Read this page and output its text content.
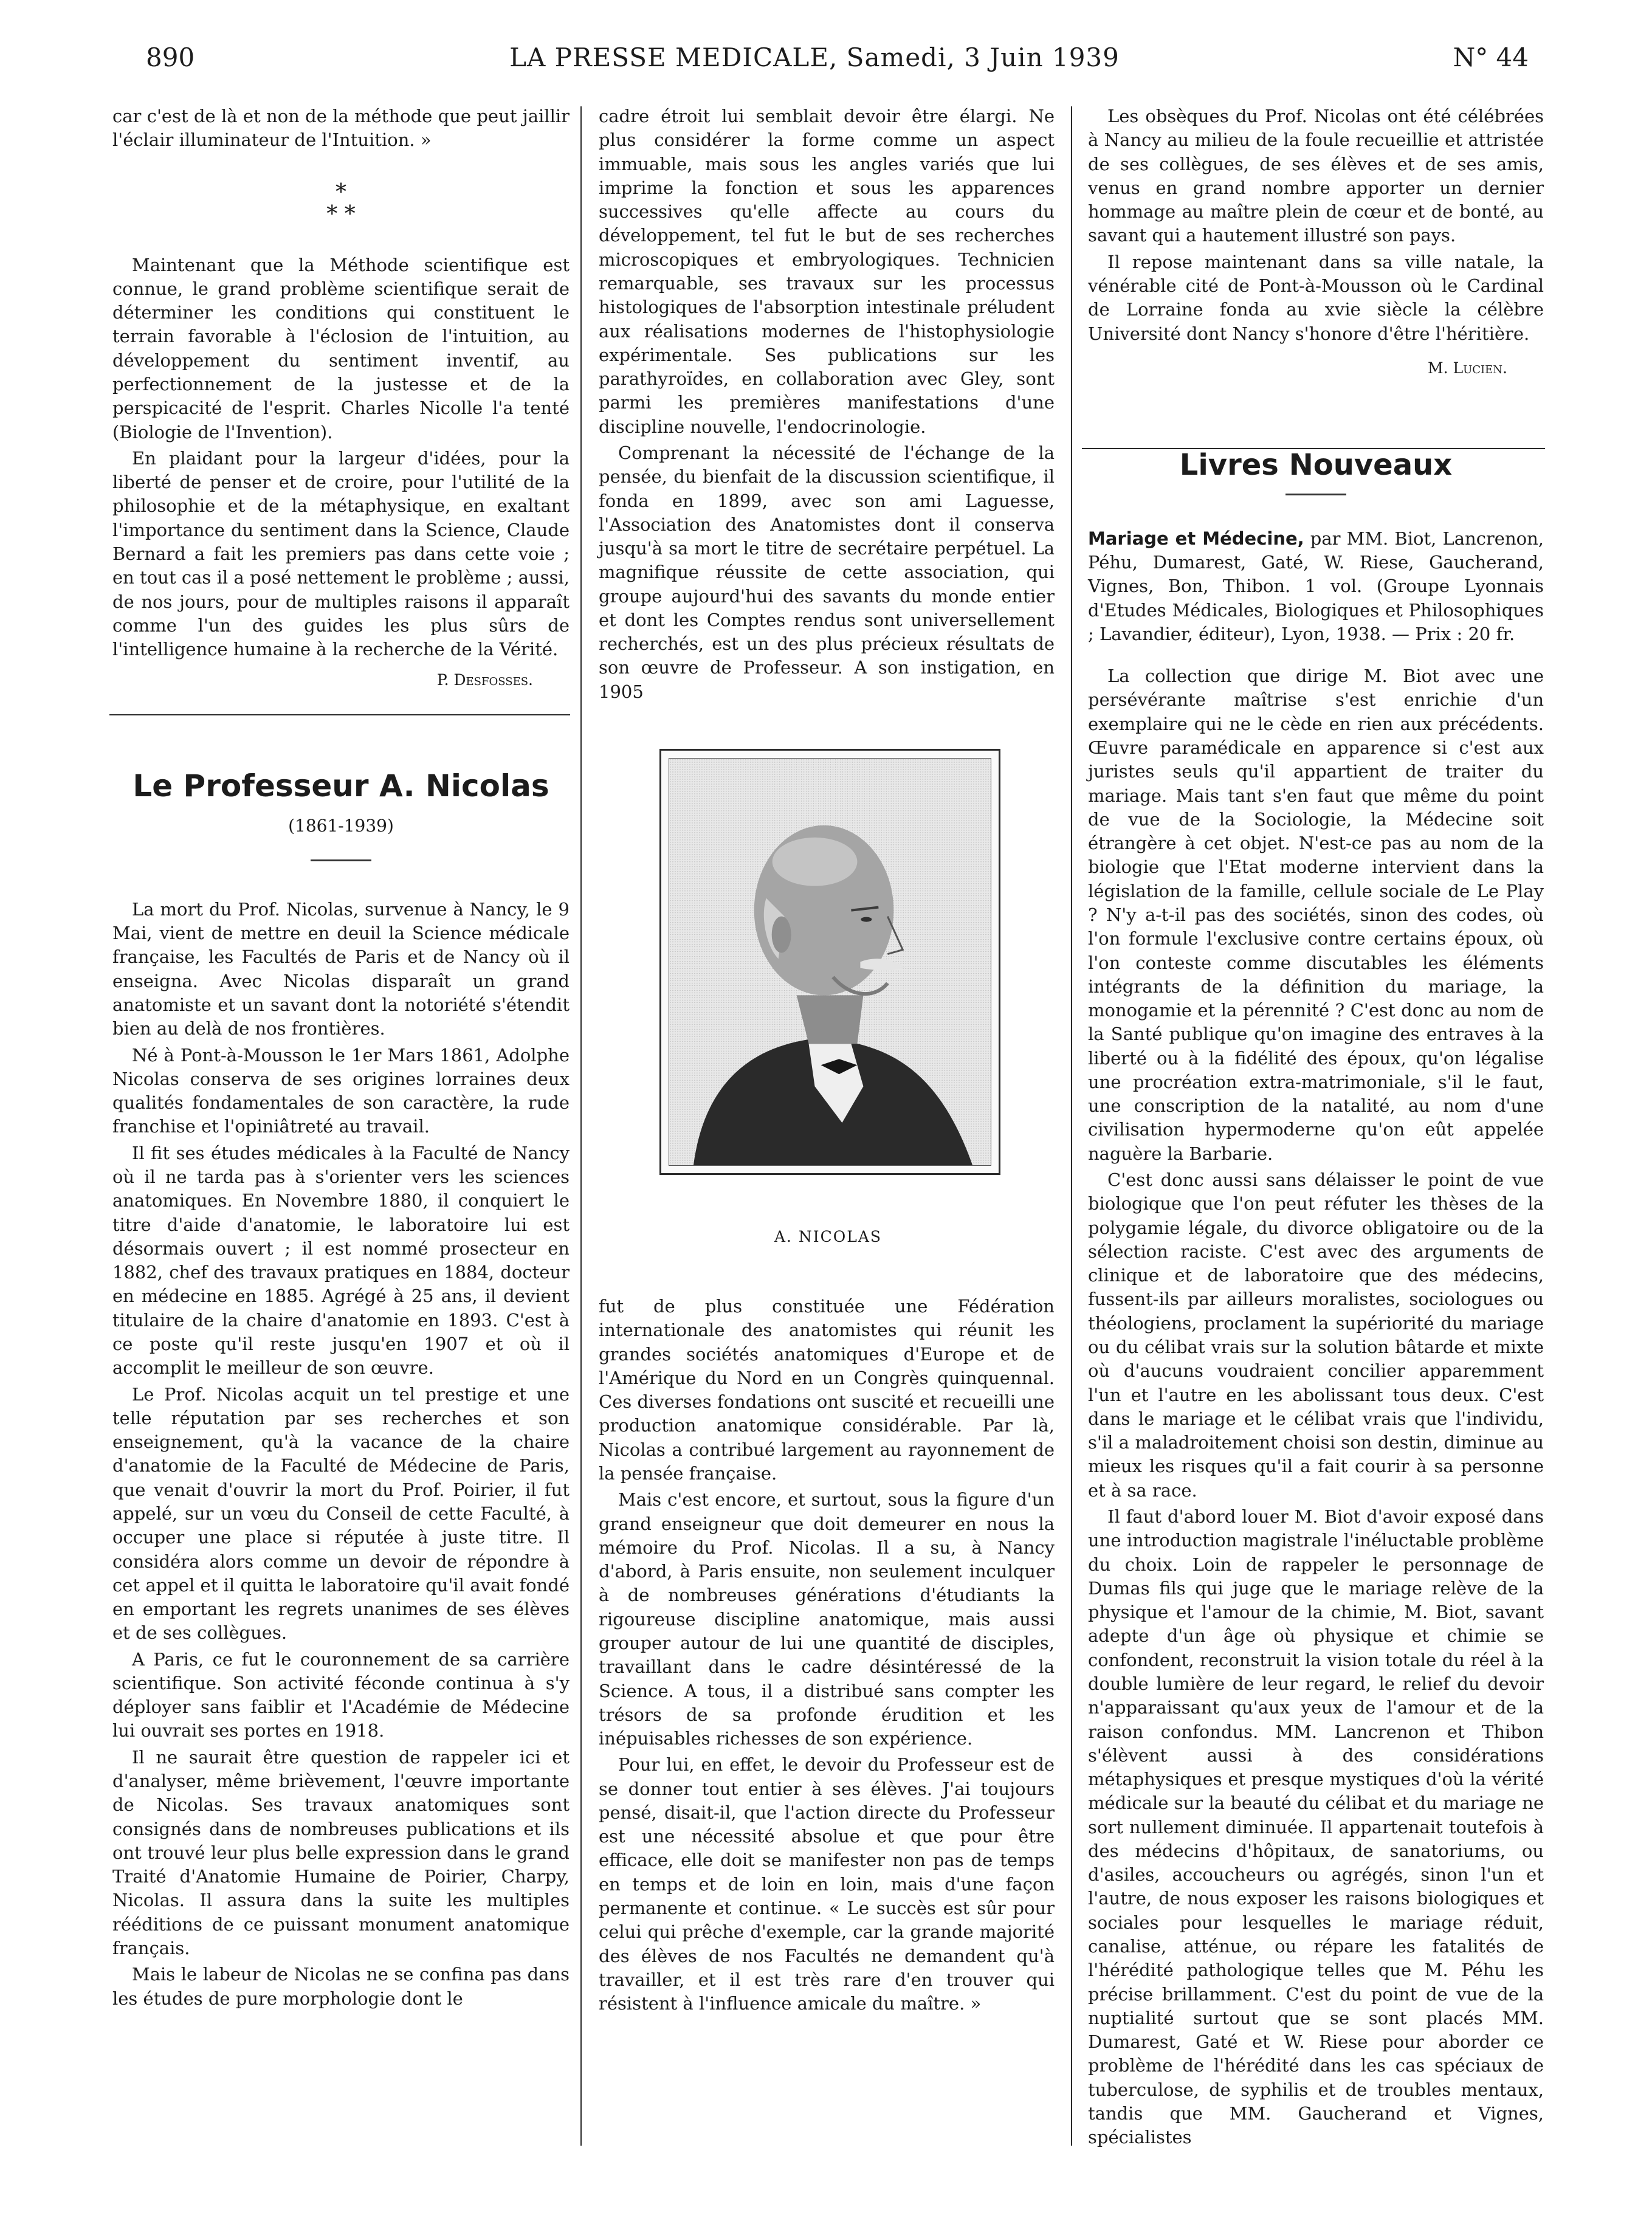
890	LA PRESSE MEDICALE, Samedi, 3 Juin 1939	N° 44

car c'est de là et non de la méthode que peut jaillir l'éclair illuminateur de l'Intuition. »

*
* *

Maintenant que la Méthode scientifique est connue, le grand problème scientifique serait de déterminer les conditions qui constituent le terrain favorable à l'éclosion de l'intuition, au développement du sentiment inventif, au perfectionnement de la justesse et de la perspicacité de l'esprit. Charles Nicolle l'a tenté (Biologie de l'Invention).

En plaidant pour la largeur d'idées, pour la liberté de penser et de croire, pour l'utilité de la philosophie et de la métaphysique, en exaltant l'importance du sentiment dans la Science, Claude Bernard a fait les premiers pas dans cette voie ; en tout cas il a posé nettement le problème ; aussi, de nos jours, pour de multiples raisons il apparaît comme l'un des guides les plus sûrs de l'intelligence humaine à la recherche de la Vérité.

P. Desfosses.
Le Professeur A. Nicolas
(1861-1939)

La mort du Prof. Nicolas, survenue à Nancy, le 9 Mai, vient de mettre en deuil la Science médicale française, les Facultés de Paris et de Nancy où il enseigna. Avec Nicolas disparaît un grand anatomiste et un savant dont la notoriété s'étendit bien au delà de nos frontières.

Né à Pont-à-Mousson le 1er Mars 1861, Adolphe Nicolas conserva de ses origines lorraines deux qualités fondamentales de son caractère, la rude franchise et l'opiniâtreté au travail.

Il fit ses études médicales à la Faculté de Nancy où il ne tarda pas à s'orienter vers les sciences anatomiques. En Novembre 1880, il conquiert le titre d'aide d'anatomie, le laboratoire lui est désormais ouvert ; il est nommé prosecteur en 1882, chef des travaux pratiques en 1884, docteur en médecine en 1885. Agrégé à 25 ans, il devient titulaire de la chaire d'anatomie en 1893. C'est à ce poste qu'il reste jusqu'en 1907 et où il accomplit le meilleur de son œuvre.

Le Prof. Nicolas acquit un tel prestige et une telle réputation par ses recherches et son enseignement, qu'à la vacance de la chaire d'anatomie de la Faculté de Médecine de Paris, que venait d'ouvrir la mort du Prof. Poirier, il fut appelé, sur un vœu du Conseil de cette Faculté, à occuper une place si réputée à juste titre. Il considéra alors comme un devoir de répondre à cet appel et il quitta le laboratoire qu'il avait fondé en emportant les regrets unanimes de ses élèves et de ses collègues.

A Paris, ce fut le couronnement de sa carrière scientifique. Son activité féconde continua à s'y déployer sans faiblir et l'Académie de Médecine lui ouvrait ses portes en 1918.

Il ne saurait être question de rappeler ici et d'analyser, même brièvement, l'œuvre importante de Nicolas. Ses travaux anatomiques sont consignés dans de nombreuses publications et ils ont trouvé leur plus belle expression dans le grand Traité d'Anatomie Humaine de Poirier, Charpy, Nicolas. Il assura dans la suite les multiples rééditions de ce puissant monument anatomique français.

Mais le labeur de Nicolas ne se confina pas dans les études de pure morphologie dont le

cadre étroit lui semblait devoir être élargi. Ne plus considérer la forme comme un aspect immuable, mais sous les angles variés que lui imprime la fonction et sous les apparences successives qu'elle affecte au cours du développement, tel fut le but de ses recherches microscopiques et embryologiques. Technicien remarquable, ses travaux sur les processus histologiques de l'absorption intestinale préludent aux réalisations modernes de l'histophysiologie expérimentale. Ses publications sur les parathyroïdes, en collaboration avec Gley, sont parmi les premières manifestations d'une discipline nouvelle, l'endocrinologie.

Comprenant la nécessité de l'échange de la pensée, du bienfait de la discussion scientifique, il fonda en 1899, avec son ami Laguesse, l'Association des Anatomistes dont il conserva jusqu'à sa mort le titre de secrétaire perpétuel. La magnifique réussite de cette association, qui groupe aujourd'hui des savants du monde entier et dont les Comptes rendus sont universellement recherchés, est un des plus précieux résultats de son œuvre de Professeur. A son instigation, en 1905

A. NICOLAS

fut de plus constituée une Fédération internationale des anatomistes qui réunit les grandes sociétés anatomiques d'Europe et de l'Amérique du Nord en un Congrès quinquennal. Ces diverses fondations ont suscité et recueilli une production anatomique considérable. Par là, Nicolas a contribué largement au rayonnement de la pensée française.

Mais c'est encore, et surtout, sous la figure d'un grand enseigneur que doit demeurer en nous la mémoire du Prof. Nicolas. Il a su, à Nancy d'abord, à Paris ensuite, non seulement inculquer à de nombreuses générations d'étudiants la rigoureuse discipline anatomique, mais aussi grouper autour de lui une quantité de disciples, travaillant dans le cadre désintéressé de la Science. A tous, il a distribué sans compter les trésors de sa profonde érudition et les inépuisables richesses de son expérience.

Pour lui, en effet, le devoir du Professeur est de se donner tout entier à ses élèves. J'ai toujours pensé, disait-il, que l'action directe du Professeur est une nécessité absolue et que pour être efficace, elle doit se manifester non pas de temps en temps et de loin en loin, mais d'une façon permanente et continue. « Le succès est sûr pour celui qui prêche d'exemple, car la grande majorité des élèves de nos Facultés ne demandent qu'à travailler, et il est très rare d'en trouver qui résistent à l'influence amicale du maître. »

Les obsèques du Prof. Nicolas ont été célébrées à Nancy au milieu de la foule recueillie et attristée de ses collègues, de ses élèves et de ses amis, venus en grand nombre apporter un dernier hommage au maître plein de cœur et de bonté, au savant qui a hautement illustré son pays.

Il repose maintenant dans sa ville natale, la vénérable cité de Pont-à-Mousson où le Cardinal de Lorraine fonda au xvie siècle la célèbre Université dont Nancy s'honore d'être l'héritière.

M. Lucien.
Livres Nouveaux

Mariage et Médecine, par MM. Biot, Lancrenon, Péhu, Dumarest, Gaté, W. Riese, Gaucherand, Vignes, Bon, Thibon. 1 vol. (Groupe Lyonnais d'Etudes Médicales, Biologiques et Philosophiques ; Lavandier, éditeur), Lyon, 1938. — Prix : 20 fr.

La collection que dirige M. Biot avec une persévérante maîtrise s'est enrichie d'un exemplaire qui ne le cède en rien aux précédents. Œuvre paramédicale en apparence si c'est aux juristes seuls qu'il appartient de traiter du mariage. Mais tant s'en faut que même du point de vue de la Sociologie, la Médecine soit étrangère à cet objet. N'est-ce pas au nom de la biologie que l'Etat moderne intervient dans la législation de la famille, cellule sociale de Le Play ? N'y a-t-il pas des sociétés, sinon des codes, où l'on formule l'exclusive contre certains époux, où l'on conteste comme discutables les éléments intégrants de la définition du mariage, la monogamie et la pérennité ? C'est donc au nom de la Santé publique qu'on imagine des entraves à la liberté ou à la fidélité des époux, qu'on légalise une procréation extra-matrimoniale, s'il le faut, une conscription de la natalité, au nom d'une civilisation hypermoderne qu'on eût appelée naguère la Barbarie.

C'est donc aussi sans délaisser le point de vue biologique que l'on peut réfuter les thèses de la polygamie légale, du divorce obligatoire ou de la sélection raciste. C'est avec des arguments de clinique et de laboratoire que des médecins, fussent-ils par ailleurs moralistes, sociologues ou théologiens, proclament la supériorité du mariage ou du célibat vrais sur la solution bâtarde et mixte où d'aucuns voudraient concilier apparemment l'un et l'autre en les abolissant tous deux. C'est dans le mariage et le célibat vrais que l'individu, s'il a maladroitement choisi son destin, diminue au mieux les risques qu'il a fait courir à sa personne et à sa race.

Il faut d'abord louer M. Biot d'avoir exposé dans une introduction magistrale l'inéluctable problème du choix. Loin de rappeler le personnage de Dumas fils qui juge que le mariage relève de la physique et l'amour de la chimie, M. Biot, savant adepte d'un âge où physique et chimie se confondent, reconstruit la vision totale du réel à la double lumière de leur regard, le relief du devoir n'apparaissant qu'aux yeux de l'amour et de la raison confondus. MM. Lancrenon et Thibon s'élèvent aussi à des considérations métaphysiques et presque mystiques d'où la vérité médicale sur la beauté du célibat et du mariage ne sort nullement diminuée. Il appartenait toutefois à des médecins d'hôpitaux, de sanatoriums, ou d'asiles, accoucheurs ou agrégés, sinon l'un et l'autre, de nous exposer les raisons biologiques et sociales pour lesquelles le mariage réduit, canalise, atténue, ou répare les fatalités de l'hérédité pathologique telles que M. Péhu les précise brillamment. C'est du point de vue de la nuptialité surtout que se sont placés MM. Dumarest, Gaté et W. Riese pour aborder ce problème de l'hérédité dans les cas spéciaux de tuberculose, de syphilis et de troubles mentaux, tandis que MM. Gaucherand et Vignes, spécialistes
